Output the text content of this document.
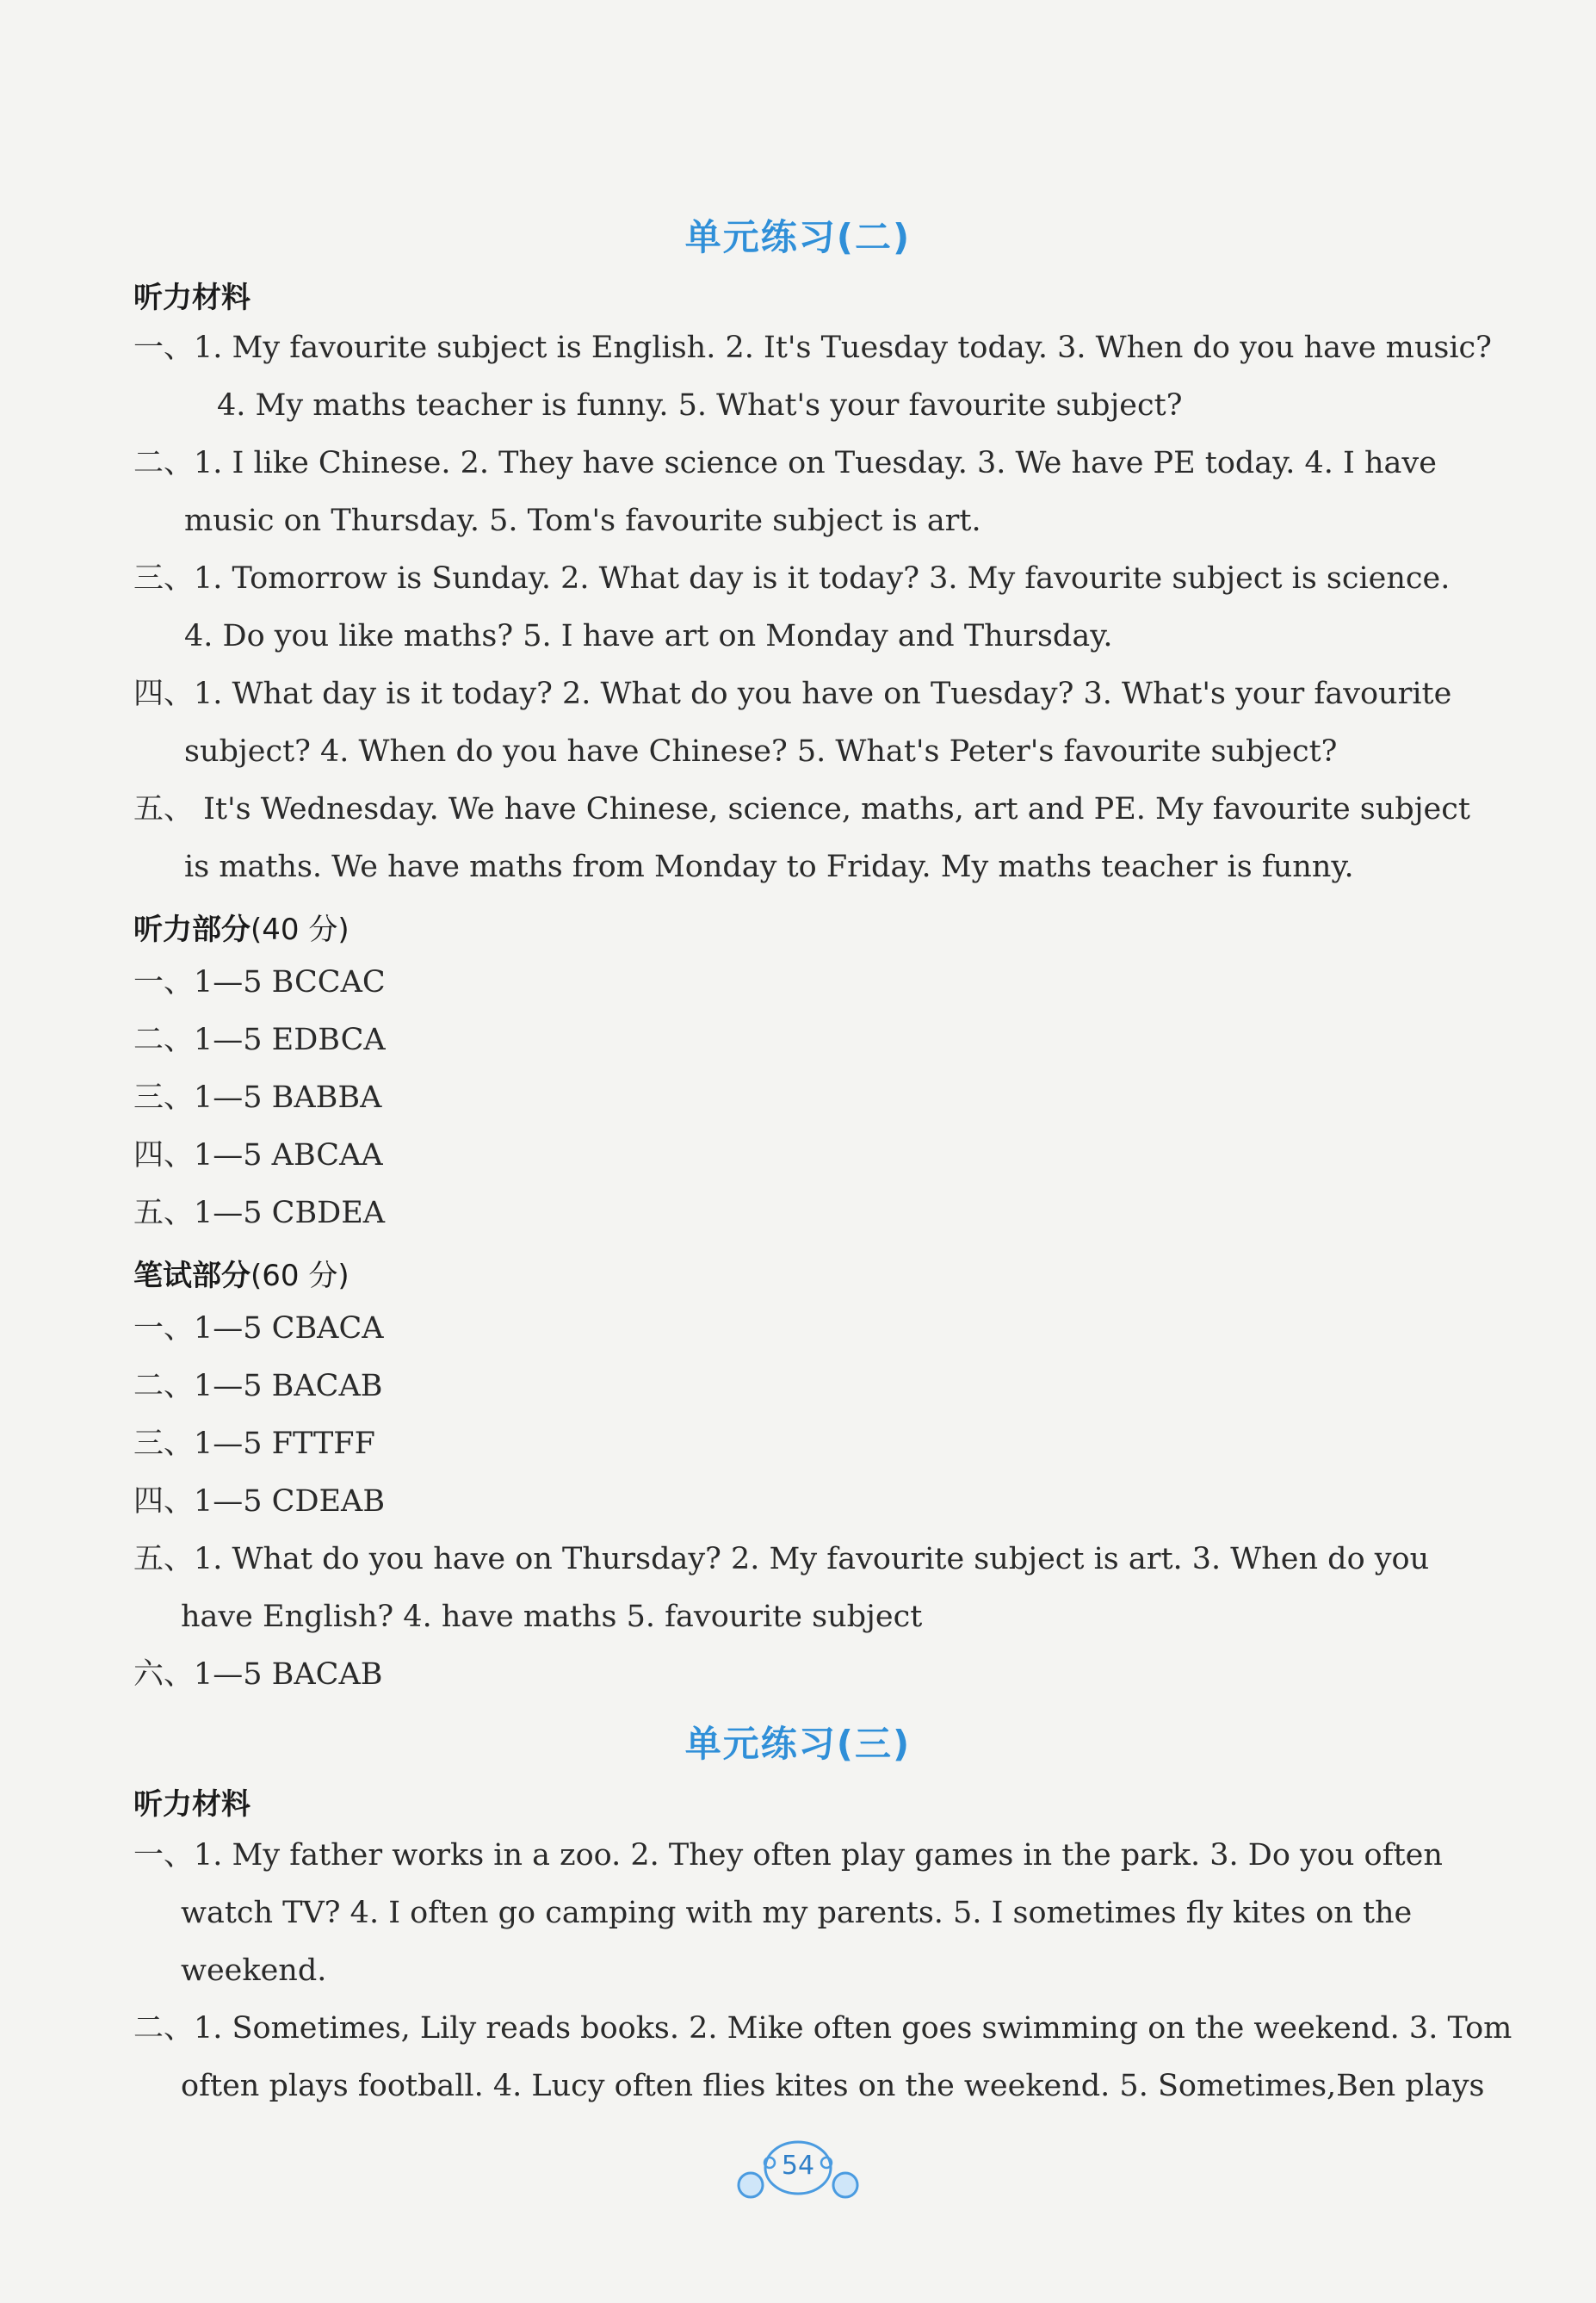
单元练习(二)
听力材料
一、1. My favourite subject is English. 2. It's Tuesday today. 3. When do you have music?
4. My maths teacher is funny. 5. What's your favourite subject?
二、1. I like Chinese. 2. They have science on Tuesday. 3. We have PE today. 4. I have
music on Thursday. 5. Tom's favourite subject is art.
三、1. Tomorrow is Sunday. 2. What day is it today? 3. My favourite subject is science.
4. Do you like maths? 5. I have art on Monday and Thursday.
四、1. What day is it today? 2. What do you have on Tuesday? 3. What's your favourite
subject? 4. When do you have Chinese? 5. What's Peter's favourite subject?
五、 It's Wednesday. We have Chinese, science, maths, art and PE. My favourite subject
is maths. We have maths from Monday to Friday. My maths teacher is funny.
听力部分(40 分)
一、1—5 BCCAC
二、1—5 EDBCA
三、1—5 BABBA
四、1—5 ABCAA
五、1—5 CBDEA
笔试部分(60 分)
一、1—5 CBACA
二、1—5 BACAB
三、1—5 FTTFF
四、1—5 CDEAB
五、1. What do you have on Thursday? 2. My favourite subject is art. 3. When do you
have English? 4. have maths 5. favourite subject
六、1—5 BACAB
单元练习(三)
听力材料
一、1. My father works in a zoo. 2. They often play games in the park. 3. Do you often
watch TV? 4. I often go camping with my parents. 5. I sometimes fly kites on the
weekend.
二、1. Sometimes, Lily reads books. 2. Mike often goes swimming on the weekend. 3. Tom
often plays football. 4. Lucy often flies kites on the weekend. 5. Sometimes,Ben plays
54
